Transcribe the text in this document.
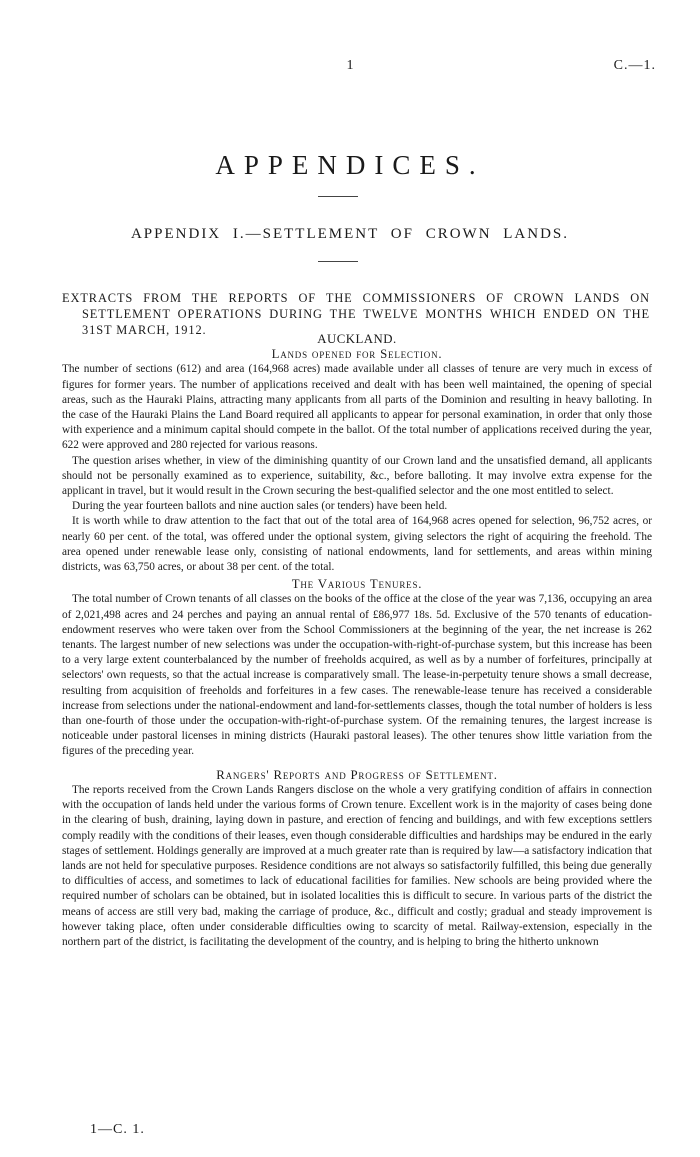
1	C.—1.
APPENDICES.
APPENDIX I.—SETTLEMENT OF CROWN LANDS.
EXTRACTS FROM THE REPORTS OF THE COMMISSIONERS OF CROWN LANDS ON SETTLEMENT OPERATIONS DURING THE TWELVE MONTHS WHICH ENDED ON THE 31ST MARCH, 1912.

AUCKLAND.

Lands opened for Selection.

The number of sections (612) and area (164,968 acres) made available under all classes of tenure are very much in excess of figures for former years. The number of applications received and dealt with has been well maintained, the opening of special areas, such as the Hauraki Plains, attracting many applicants from all parts of the Dominion and resulting in heavy balloting. In the case of the Hauraki Plains the Land Board required all applicants to appear for personal examination, in order that only those with experience and a minimum capital should compete in the ballot. Of the total number of applications received during the year, 622 were approved and 280 rejected for various reasons.

The question arises whether, in view of the diminishing quantity of our Crown land and the unsatisfied demand, all applicants should not be personally examined as to experience, suitability, &c., before balloting. It may involve extra expense for the applicant in travel, but it would result in the Crown securing the best-qualified selector and the one most entitled to select.

During the year fourteen ballots and nine auction sales (or tenders) have been held.

It is worth while to draw attention to the fact that out of the total area of 164,968 acres opened for selection, 96,752 acres, or nearly 60 per cent. of the total, was offered under the optional system, giving selectors the right of acquiring the freehold. The area opened under renewable lease only, consisting of national endowments, land for settlements, and areas within mining districts, was 63,750 acres, or about 38 per cent. of the total.

The Various Tenures.

The total number of Crown tenants of all classes on the books of the office at the close of the year was 7,136, occupying an area of 2,021,498 acres and 24 perches and paying an annual rental of £86,977 18s. 5d. Exclusive of the 570 tenants of education-endowment reserves who were taken over from the School Commissioners at the beginning of the year, the net increase is 262 tenants. The largest number of new selections was under the occupation-with-right-of-purchase system, but this increase has been to a very large extent counterbalanced by the number of freeholds acquired, as well as by a number of forfeitures, principally at selectors' own requests, so that the actual increase is comparatively small. The lease-in-perpetuity tenure shows a small decrease, resulting from acquisition of freeholds and forfeitures in a few cases. The renewable-lease tenure has received a considerable increase from selections under the national-endowment and land-for-settlements classes, though the total number of holders is less than one-fourth of those under the occupation-with-right-of-purchase system. Of the remaining tenures, the largest increase is noticeable under pastoral licenses in mining districts (Hauraki pastoral leases). The other tenures show little variation from the figures of the preceding year.

Rangers' Reports and Progress of Settlement.

The reports received from the Crown Lands Rangers disclose on the whole a very gratifying condition of affairs in connection with the occupation of lands held under the various forms of Crown tenure. Excellent work is in the majority of cases being done in the clearing of bush, draining, laying down in pasture, and erection of fencing and buildings, and with few exceptions settlers comply readily with the conditions of their leases, even though considerable difficulties and hardships may be endured in the early stages of settlement. Holdings generally are improved at a much greater rate than is required by law—a satisfactory indication that lands are not held for speculative purposes. Residence conditions are not always so satisfactorily fulfilled, this being due generally to difficulties of access, and sometimes to lack of educational facilities for families. New schools are being provided where the required number of scholars can be obtained, but in isolated localities this is difficult to secure. In various parts of the district the means of access are still very bad, making the carriage of produce, &c., difficult and costly; gradual and steady improvement is however taking place, often under considerable difficulties owing to scarcity of metal. Railway-extension, especially in the northern part of the district, is facilitating the development of the country, and is helping to bring the hitherto unknown

1—C. 1.
